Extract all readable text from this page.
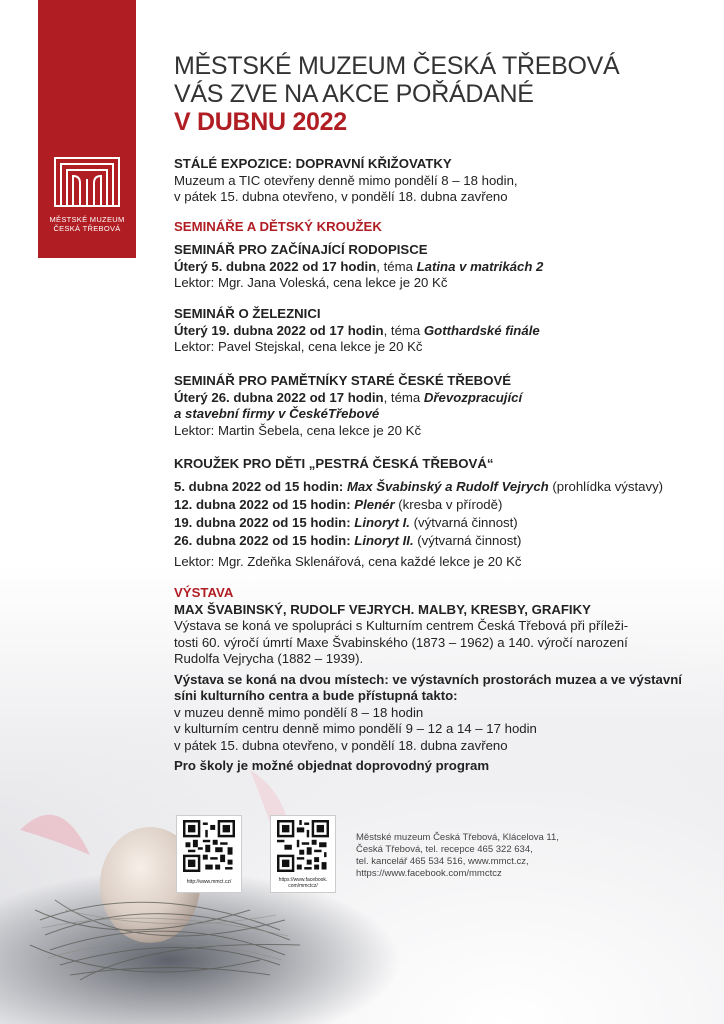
MĚSTSKÉ MUZEUM
ČESKÁ TŘEBOVÁ
MĚSTSKÉ MUZEUM ČESKÁ TŘEBOVÁ
VÁS ZVE NA AKCE POŘÁDANÉ
V DUBNU 2022
STÁLÉ EXPOZICE: DOPRAVNÍ KŘIŽOVATKY
Muzeum a TIC otevřeny denně mimo pondělí 8 – 18 hodin,
v pátek 15. dubna otevřeno, v pondělí 18. dubna zavřeno
SEMINÁŘE A DĚTSKÝ KROUŽEK
SEMINÁŘ PRO ZAČÍNAJÍCÍ RODOPISCE
Úterý 5. dubna 2022 od 17 hodin, téma Latina v matrikách 2
Lektor: Mgr. Jana Voleská, cena lekce je 20 Kč
SEMINÁŘ O ŽELEZNICI
Úterý 19. dubna 2022 od 17 hodin, téma Gotthardské finále
Lektor: Pavel Stejskal, cena lekce je 20 Kč
SEMINÁŘ PRO PAMĚTNÍKY STARÉ ČESKÉ TŘEBOVÉ
Úterý 26. dubna 2022 od 17 hodin, téma Dřevozpracující
a stavební firmy v ČeskéTřebové
Lektor: Martin Šebela, cena lekce je 20 Kč
KROUŽEK PRO DĚTI „PESTRÁ ČESKÁ TŘEBOVÁ“
5. dubna 2022 od 15 hodin: Max Švabinský a Rudolf Vejrych (prohlídka výstavy)
12. dubna 2022 od 15 hodin: Plenér (kresba v přírodě)
19. dubna 2022 od 15 hodin: Linoryt I. (výtvarná činnost)
26. dubna 2022 od 15 hodin: Linoryt II. (výtvarná činnost)
Lektor: Mgr. Zdeňka Sklenářová, cena každé lekce je 20 Kč
VÝSTAVA
MAX ŠVABINSKÝ, RUDOLF VEJRYCH. MALBY, KRESBY, GRAFIKY
Výstava se koná ve spolupráci s Kulturním centrem Česká Třebová při příleži-
tosti 60. výročí úmrtí Maxe Švabinského (1873 – 1962) a 140. výročí narození
Rudolfa Vejrycha (1882 – 1939).
Výstava se koná na dvou místech: ve výstavních prostorách muzea a ve výstavní
síni kulturního centra a bude přístupná takto:
v muzeu denně mimo pondělí 8 – 18 hodin
v kulturním centru denně mimo pondělí 9 – 12 a 14 – 17 hodin
v pátek 15. dubna otevřeno, v pondělí 18. dubna zavřeno
Pro školy je možné objednat doprovodný program
http://www.mmct.cz/	https://www.facebook.
com/mmctcz/
Městské muzeum Česká Třebová, Klácelova 11,
Česká Třebová, tel. recepce 465 322 634,
tel. kancelář 465 534 516, www.mmct.cz,
https://www.facebook.com/mmctcz
